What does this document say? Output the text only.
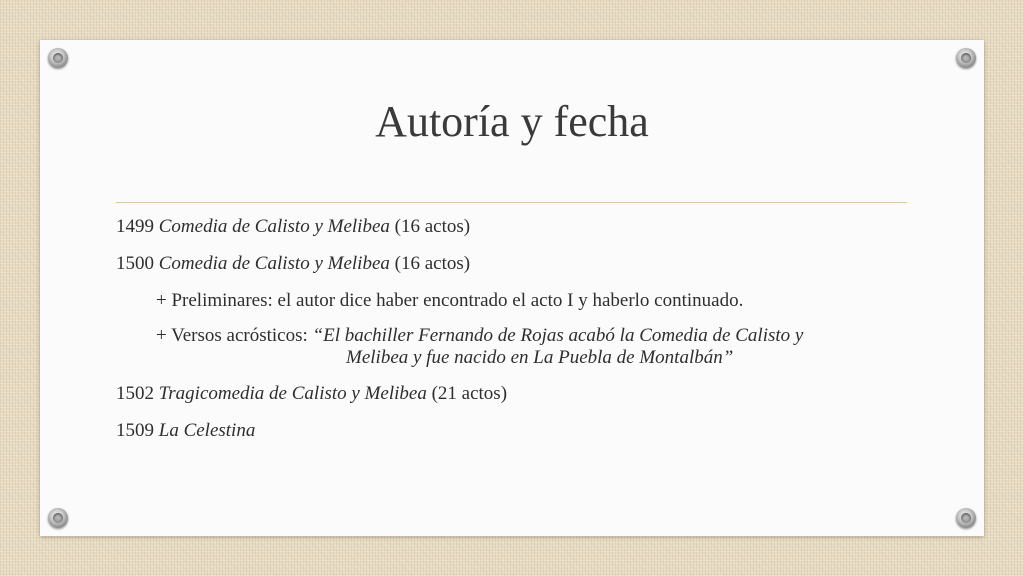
Autoría y fecha
1499 Comedia de Calisto y Melibea (16 actos)
1500 Comedia de Calisto y Melibea (16 actos)
+ Preliminares: el autor dice haber encontrado el acto I y haberlo continuado.
+ Versos acrósticos: “El bachiller Fernando de Rojas acabó la Comedia de Calisto y
Melibea y fue nacido en La Puebla de Montalbán”
1502 Tragicomedia de Calisto y Melibea (21 actos)
1509 La Celestina
